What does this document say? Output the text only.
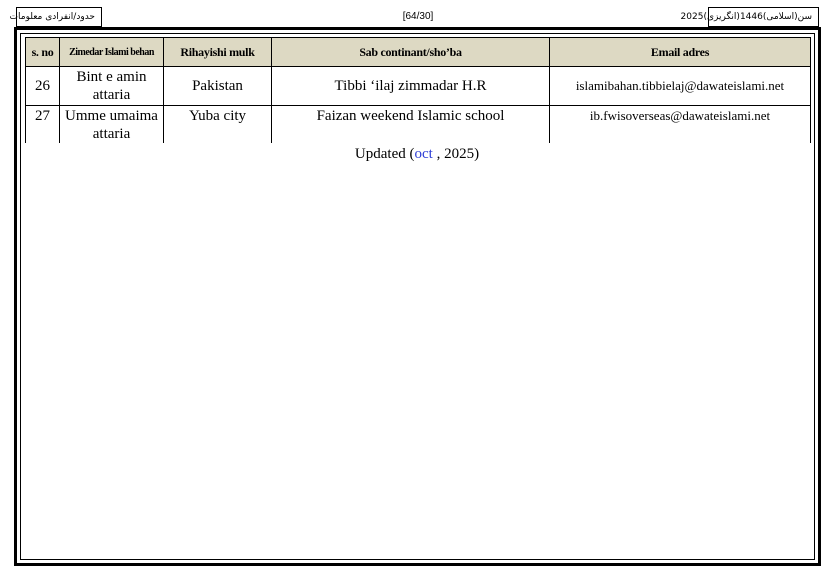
حدود/انفرادی معلومات	[64/30]	سن(اسلامی)1446(انگریزی)2025
s. no	Zimedar Islami behan	Rihayishi mulk	Sab continant/sho’ba	Email adres
26	Bint e amin attaria	Pakistan	Tibbi ‘ilaj zimmadar H.R	islamibahan.tibbielaj@dawateislami.net
27	Umme umaima attaria	Yuba city	Faizan weekend Islamic school	ib.fwisoverseas@dawateislami.net
Updated (oct , 2025)
